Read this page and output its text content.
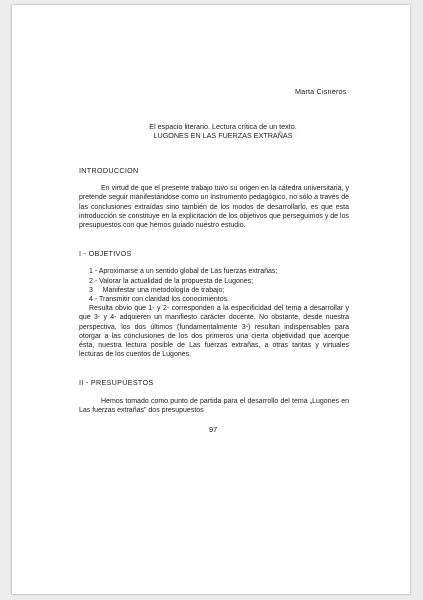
Marta Cisneros
El espacio literario. Lectura crítica de un texto.
LUGONES EN LAS FUERZAS EXTRAÑAS
INTRODUCCION

En virtud de que el presente trabajo tuvo su origen en la cátedra universitaria, y pretende seguir manifestándose como un instrumento pedagógico, no sólo a través de las conclusiones extraídas sino también de los modos de desarrollarlo, es que esta introducción se constituye en la explicitación de los objetivos que perseguimos y de los presupuestos con que hemos guiado nuestro estudio.

I - OBJETIVOS
1 - Aproximarse a un sentido global de Las fuerzas extrañas;
2 - Valorar la actualidad de la propuesta de Lugones;
3     Manifestar una metodología de trabajo;
4 - Transmitir con claridad los conocimientos.

Resulta obvio que 1- y 2- corresponden a la especificidad del tema a desarrollar y que 3- y 4- adquieren un manifiesto carácter docente. No obstante, desde nuestra perspectiva, los dos últimos (fundamentalmente 3-) resultan indispensables para otorgar a las conclusiones de los dos primeros una cierta objetividad que acerque ésta, nuestra lectura posible de Las fuerzas extrañas, a otras tantas y virtuales lecturas de los cuentos de Lugones.

II - PRESUPUESTOS

Hemos tomado como punto de partida para el desarrollo del tema „Lugones en Las fuerzas extrañas" dos presupuestos

97
